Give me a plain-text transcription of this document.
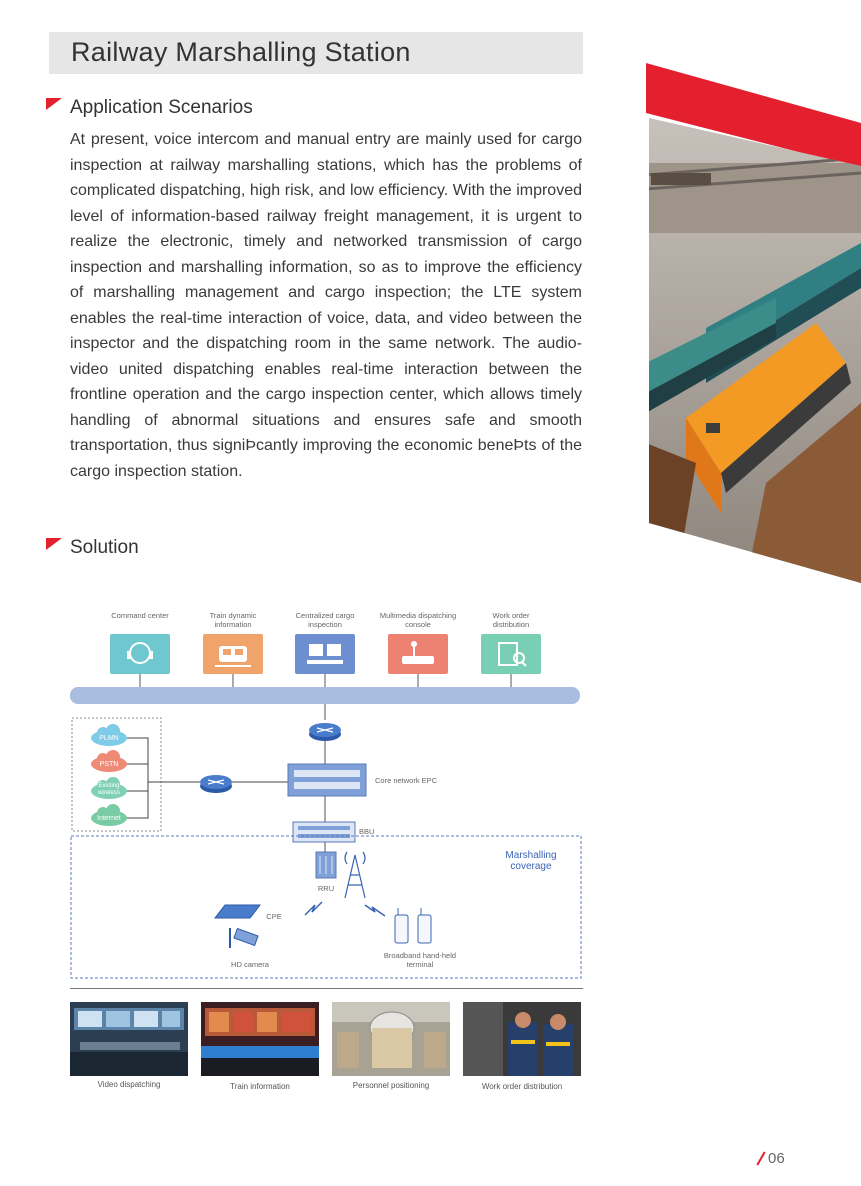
Railway Marshalling Station
Application Scenarios

At present, voice intercom and manual entry are mainly used for cargo inspection at railway marshalling stations, which has the problems of complicated dispatching, high risk, and low efficiency. With the improved level of information-based railway freight management, it is urgent to realize the electronic, timely and networked transmission of cargo inspection and marshalling information, so as to improve the efficiency of marshalling management and cargo inspection; the LTE system enables the real-time interaction of voice, data, and video between the inspector and the dispatching room in the same network. The audio-video united dispatching enables real-time interaction between the frontline operation and the cargo inspection center, which allows timely handling of abnormal situations and ensures safe and smooth transportation, thus signiÞcantly improving the economic beneÞts of the cargo inspection station.

Solution
Command center	Train dynamic information
Centralized cargo inspection
Multimedia dispatching console
Work order distribution
PLMN
PSTN
Existing wireless
Internet
Core network EPC
BBU
RRU
Marshalling coverage
CPE
HD camera
Broadband hand-held terminal
Video dispatching	Train information	Personnel positioning	Work order distribution
06
